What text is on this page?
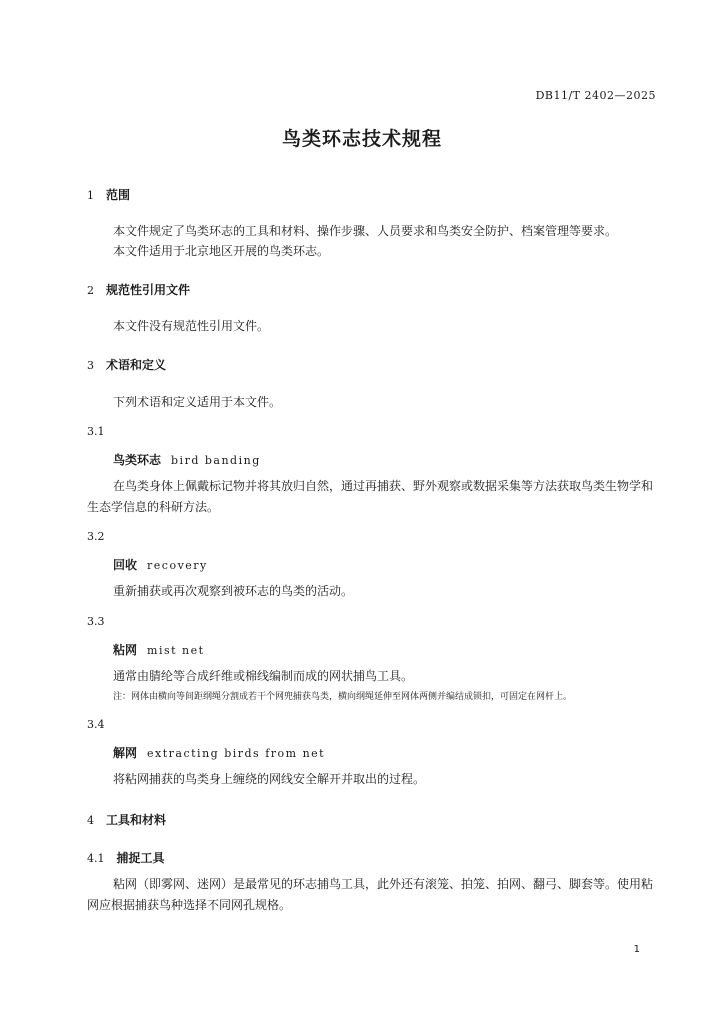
DB11/T 2402—2025
鸟类环志技术规程
1 范围
本文件规定了鸟类环志的工具和材料、操作步骤、人员要求和鸟类安全防护、档案管理等要求。
本文件适用于北京地区开展的鸟类环志。
2 规范性引用文件
本文件没有规范性引用文件。
3 术语和定义
下列术语和定义适用于本文件。
3.1
鸟类环志 bird banding
在鸟类身体上佩戴标记物并将其放归自然，通过再捕获、野外观察或数据采集等方法获取鸟类生物学和生态学信息的科研方法。
3.2
回收 recovery
重新捕获或再次观察到被环志的鸟类的活动。
3.3
粘网 mist net
通常由腈纶等合成纤维或棉线编制而成的网状捕鸟工具。
注：网体由横向等间距纲绳分割成若干个网兜捕获鸟类，横向纲绳延伸至网体两侧并编结成锁扣，可固定在网杆上。
3.4
解网 extracting birds from net
将粘网捕获的鸟类身上缠绕的网线安全解开并取出的过程。
4 工具和材料
4.1 捕捉工具
粘网（即雾网、迷网）是最常见的环志捕鸟工具，此外还有滚笼、拍笼、拍网、翻弓、脚套等。使用粘网应根据捕获鸟种选择不同网孔规格。
1
